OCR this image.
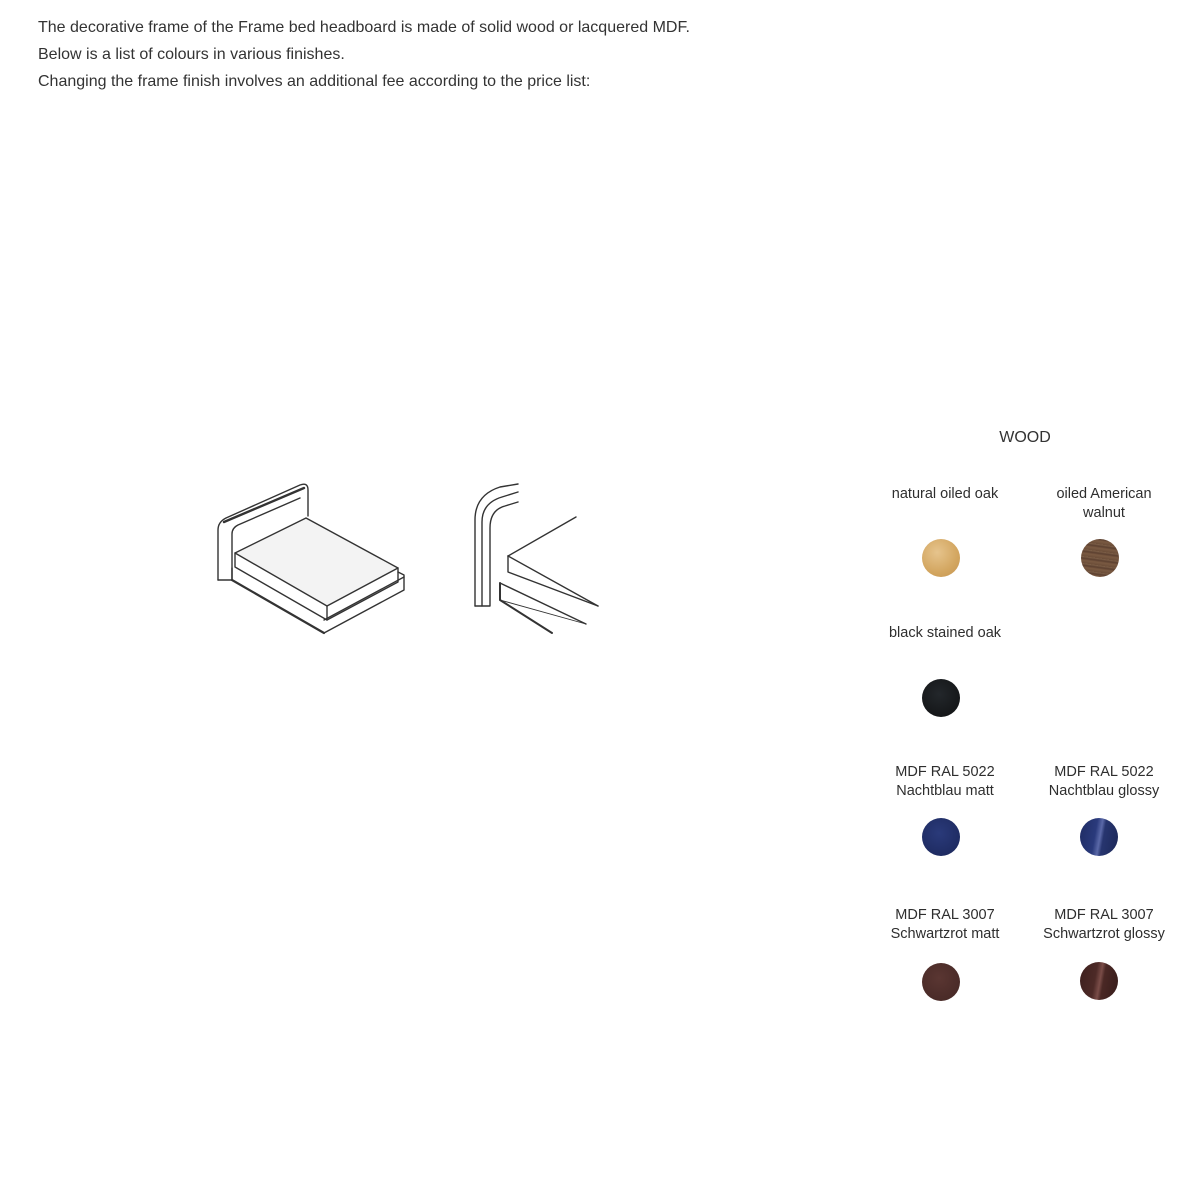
The decorative frame of the Frame bed headboard is made of solid wood or lacquered MDF.

Below is a list of colours in various finishes.

Changing the frame finish involves an additional fee according to the price list:

WOOD
natural oiled oak	oiled American
walnut
black stained oak
MDF RAL 5022
Nachtblau matt
MDF RAL 5022
Nachtblau glossy
MDF RAL 3007
Schwartzrot matt
MDF RAL 3007
Schwartzrot glossy
